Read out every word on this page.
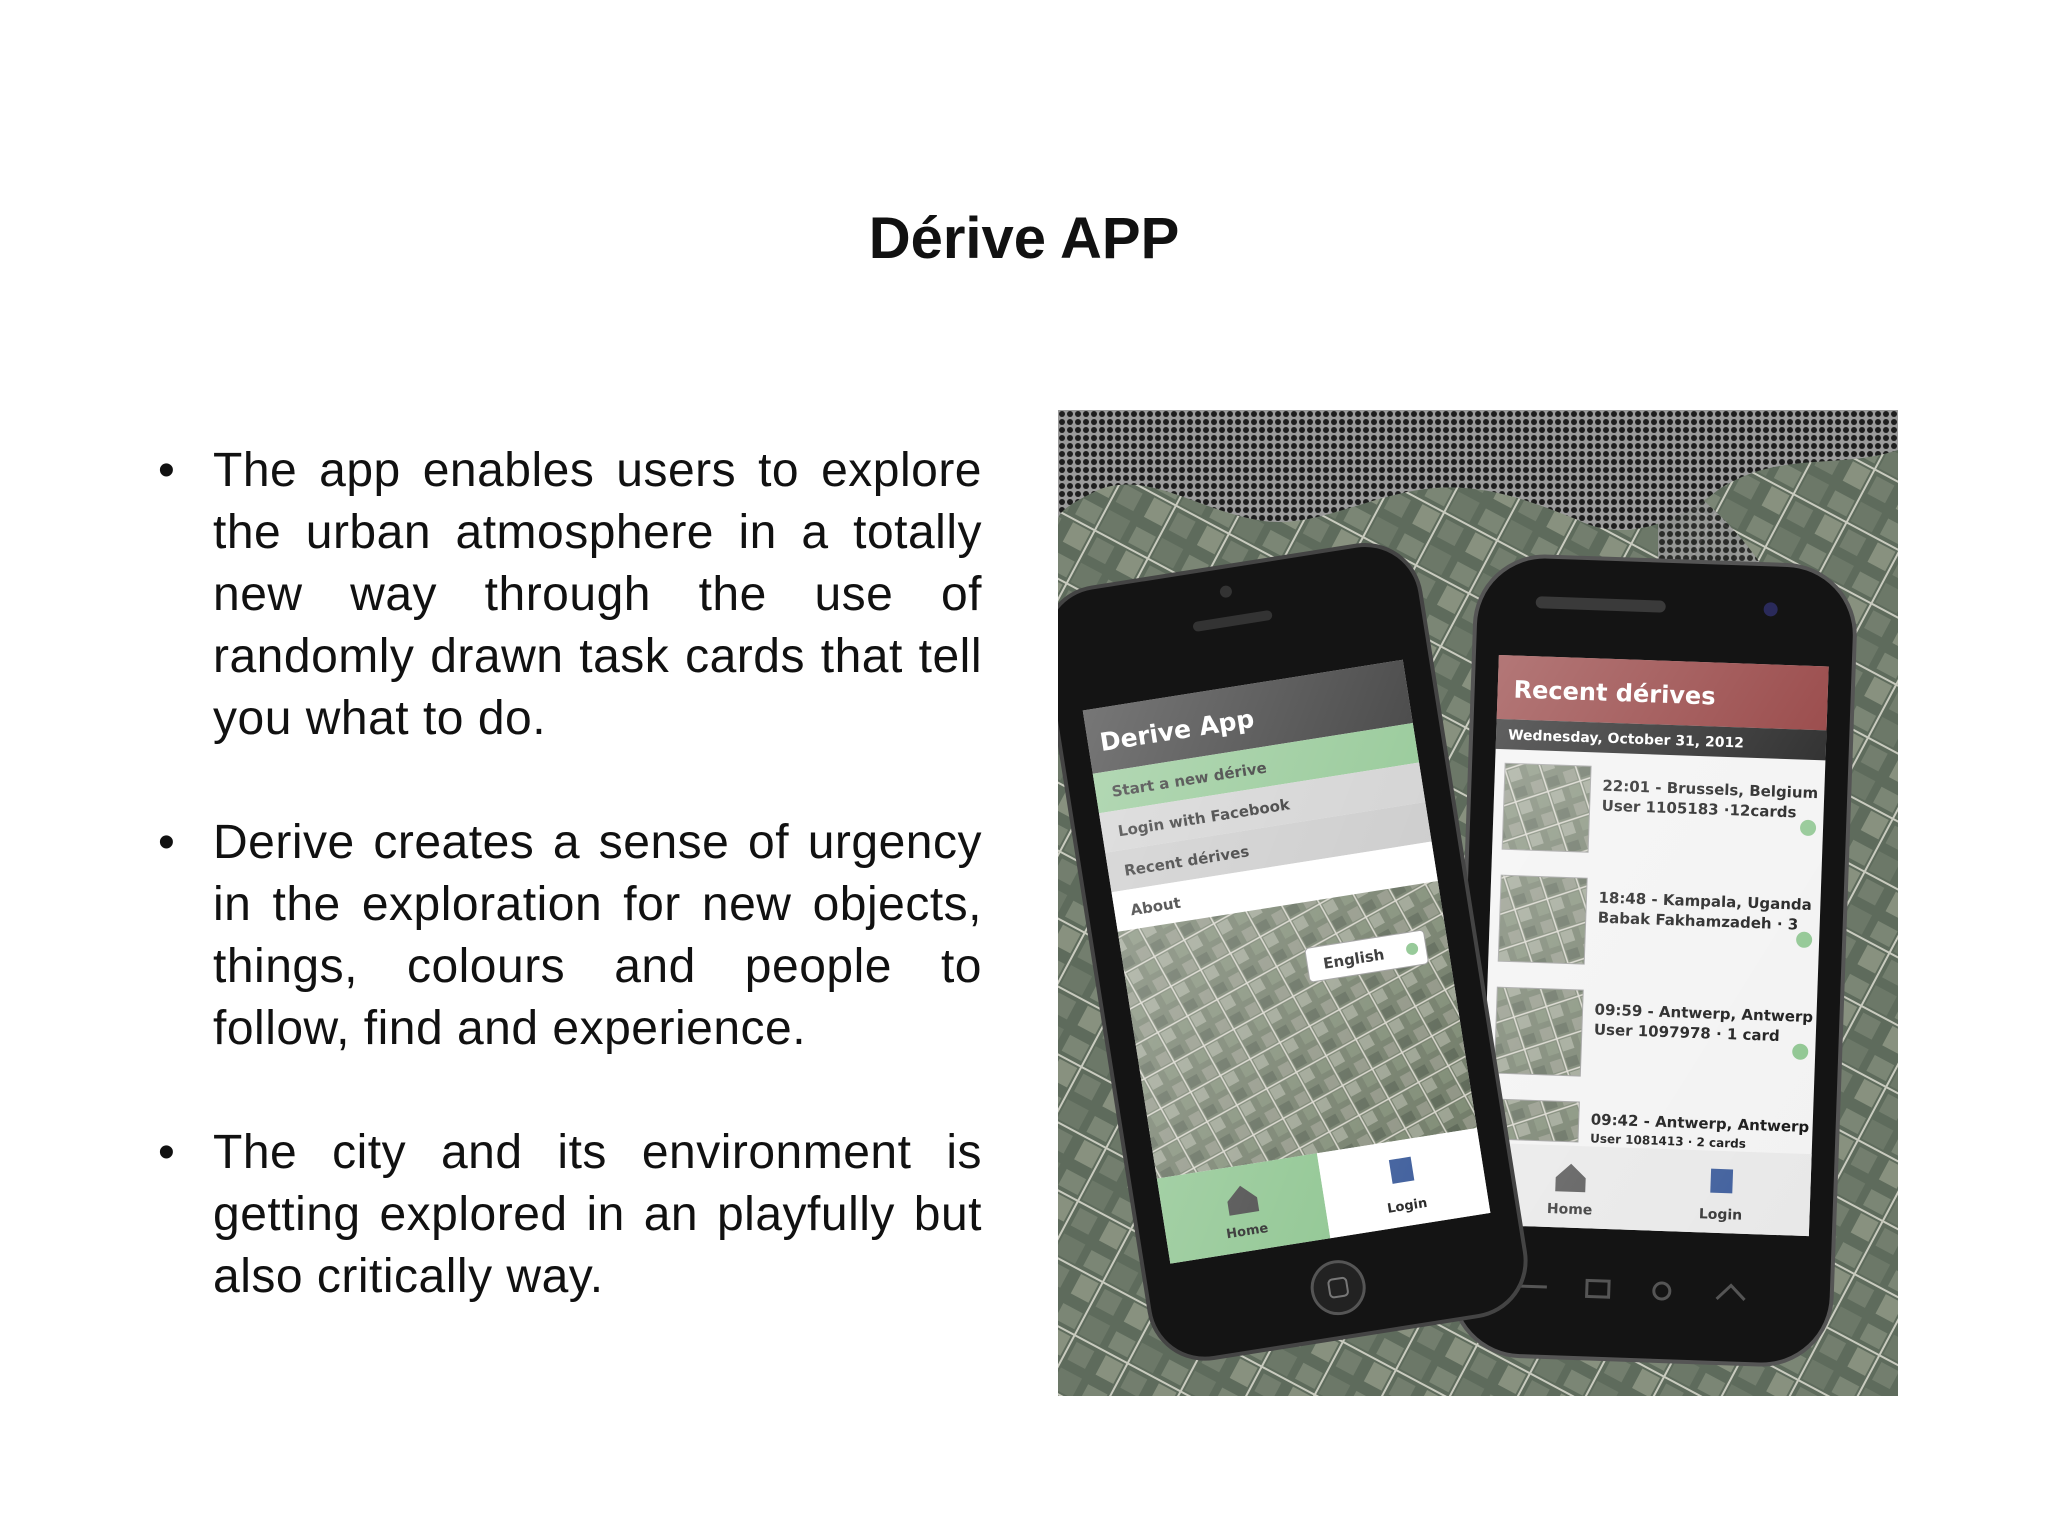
Dérive APP
• The app enables users to explore the urban atmosphere in a totally new way through the use of randomly drawn task cards that tell you what to do.
• Derive creates a sense of urgency in the exploration for new objects, things, colours and people to follow, find and experience.
• The city and its environment is getting explored in an playfully but also critically way.
